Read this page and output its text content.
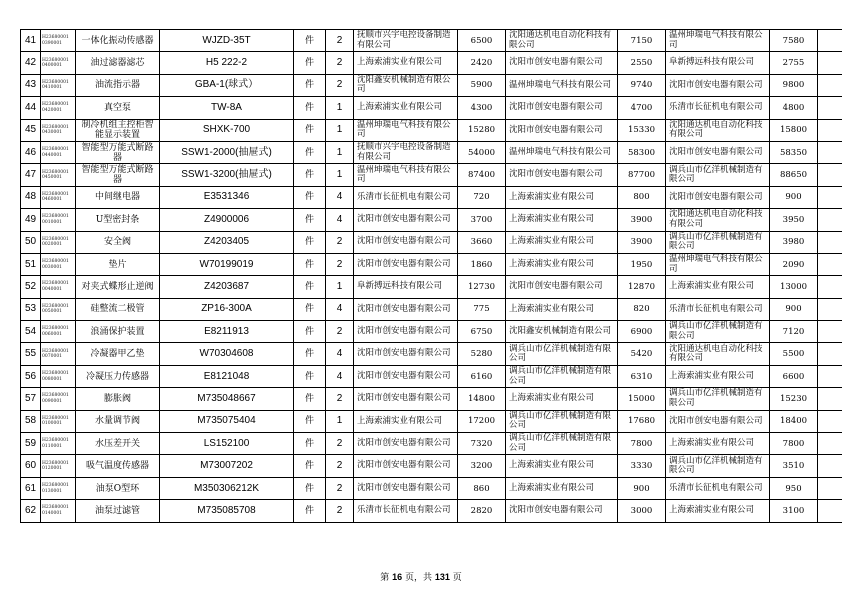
41	H23680001 0390001	一体化振动传感器	WJZD-35T	件	2	抚顺市兴宇电控设备制造有限公司	6500	沈阳通达机电自动化科技有限公司	7150	温州坤瑞电气科技有限公司	7580	
42	H23680001 0400001	油过滤器滤芯	H5 222-2	件	2	上海索浦实业有限公司	2420	沈阳市创安电器有限公司	2550	阜新搏远科技有限公司	2755	
43	H23680001 0410001	油流指示器	GBA-1(球式）	件	2	沈阳鑫安机械制造有限公司	5900	温州坤瑞电气科技有限公司	9740	沈阳市创安电器有限公司	9800	
44	H23680001 0420001	真空泵	TW-8A	件	1	上海索浦实业有限公司	4300	沈阳市创安电器有限公司	4700	乐清市长征机电有限公司	4800	
45	H23680001 0430001	制冷机组主控柜智能显示装置	SHXK-700	件	1	温州坤瑞电气科技有限公司	15280	沈阳市创安电器有限公司	15330	沈阳通达机电自动化科技有限公司	15800	
46	H23680001 0440001	智能型万能式断路器	SSW1-2000(抽屉式)	件	1	抚顺市兴宇电控设备制造有限公司	54000	温州坤瑞电气科技有限公司	58300	沈阳市创安电器有限公司	58350	
47	H23680001 0450001	智能型万能式断路器	SSW1-3200(抽屉式)	件	1	温州坤瑞电气科技有限公司	87400	沈阳市创安电器有限公司	87700	调兵山市亿洋机械制造有限公司	88650	
48	H23680001 0460001	中间继电器	E3531346	件	4	乐清市长征机电有限公司	720	上海索浦实业有限公司	800	沈阳市创安电器有限公司	900	
49	H23680001 0010001	U型密封条	Z4900006	件	4	沈阳市创安电器有限公司	3700	上海索浦实业有限公司	3900	沈阳通达机电自动化科技有限公司	3950	
50	H23680001 0020001	安全阀	Z4203405	件	2	沈阳市创安电器有限公司	3660	上海索浦实业有限公司	3900	调兵山市亿洋机械制造有限公司	3980	
51	H23680001 0030001	垫片	W70199019	件	2	沈阳市创安电器有限公司	1860	上海索浦实业有限公司	1950	温州坤瑞电气科技有限公司	2090	
52	H23680001 0040001	对夹式蝶形止逆阀	Z4203687	件	1	阜新搏远科技有限公司	12730	沈阳市创安电器有限公司	12870	上海索浦实业有限公司	13000	
53	H23680001 0050001	硅整流二极管	ZP16-300A	件	4	沈阳市创安电器有限公司	775	上海索浦实业有限公司	820	乐清市长征机电有限公司	900	
54	H23680001 0060001	浪涌保护装置	E8211913	件	2	沈阳市创安电器有限公司	6750	沈阳鑫安机械制造有限公司	6900	调兵山市亿洋机械制造有限公司	7120	
55	H23680001 0070001	冷凝器甲乙垫	W70304608	件	4	沈阳市创安电器有限公司	5280	调兵山市亿洋机械制造有限公司	5420	沈阳通达机电自动化科技有限公司	5500	
56	H23680001 0080001	冷凝压力传感器	E8121048	件	4	沈阳市创安电器有限公司	6160	调兵山市亿洋机械制造有限公司	6310	上海索浦实业有限公司	6600	
57	H23680001 0090001	膨胀阀	M735048667	件	2	沈阳市创安电器有限公司	14800	上海索浦实业有限公司	15000	调兵山市亿洋机械制造有限公司	15230	
58	H23680001 0100001	水量调节阀	M735075404	件	1	上海索浦实业有限公司	17200	调兵山市亿洋机械制造有限公司	17680	沈阳市创安电器有限公司	18400	
59	H23680001 0110001	水压差开关	LS152100	件	2	沈阳市创安电器有限公司	7320	调兵山市亿洋机械制造有限公司	7800	上海索浦实业有限公司	7800	
60	H23680001 0120001	吸气温度传感器	M73007202	件	2	沈阳市创安电器有限公司	3200	上海索浦实业有限公司	3330	调兵山市亿洋机械制造有限公司	3510	
61	H23680001 0130001	油泵O型环	M350306212K	件	2	沈阳市创安电器有限公司	860	上海索浦实业有限公司	900	乐清市长征机电有限公司	950	
62	H23680001 0140001	油泵过滤管	M735085708	件	2	乐清市长征机电有限公司	2820	沈阳市创安电器有限公司	3000	上海索浦实业有限公司	3100	
第 16 页，共 131 页
